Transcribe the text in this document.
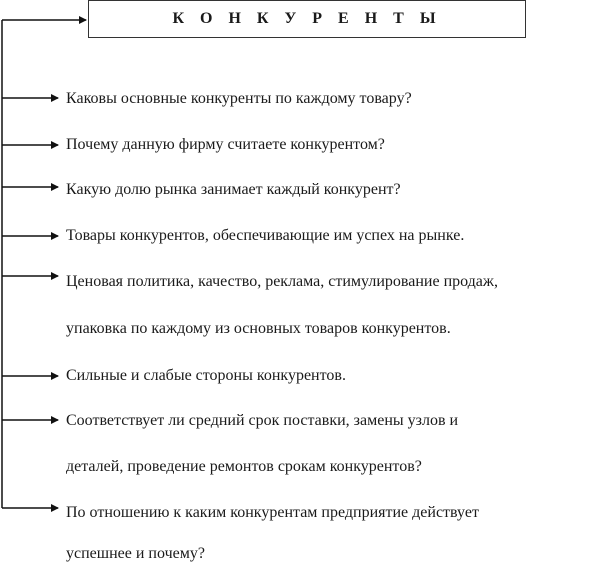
К О Н К У Р Е Н Т Ы
Каковы основные конкуренты по каждому товару?
Почему данную фирму считаете конкурентом?
Какую долю рынка занимает каждый конкурент?
Товары конкурентов, обеспечивающие им успех на рынке.
Ценовая политика, качество, реклама, стимулирование продаж,
упаковка по каждому из основных товаров конкурентов.
Сильные и слабые стороны конкурентов.
Соответствует ли средний срок поставки, замены узлов и
деталей, проведение ремонтов срокам конкурентов?
По отношению к каким конкурентам предприятие действует
успешнее и почему?
